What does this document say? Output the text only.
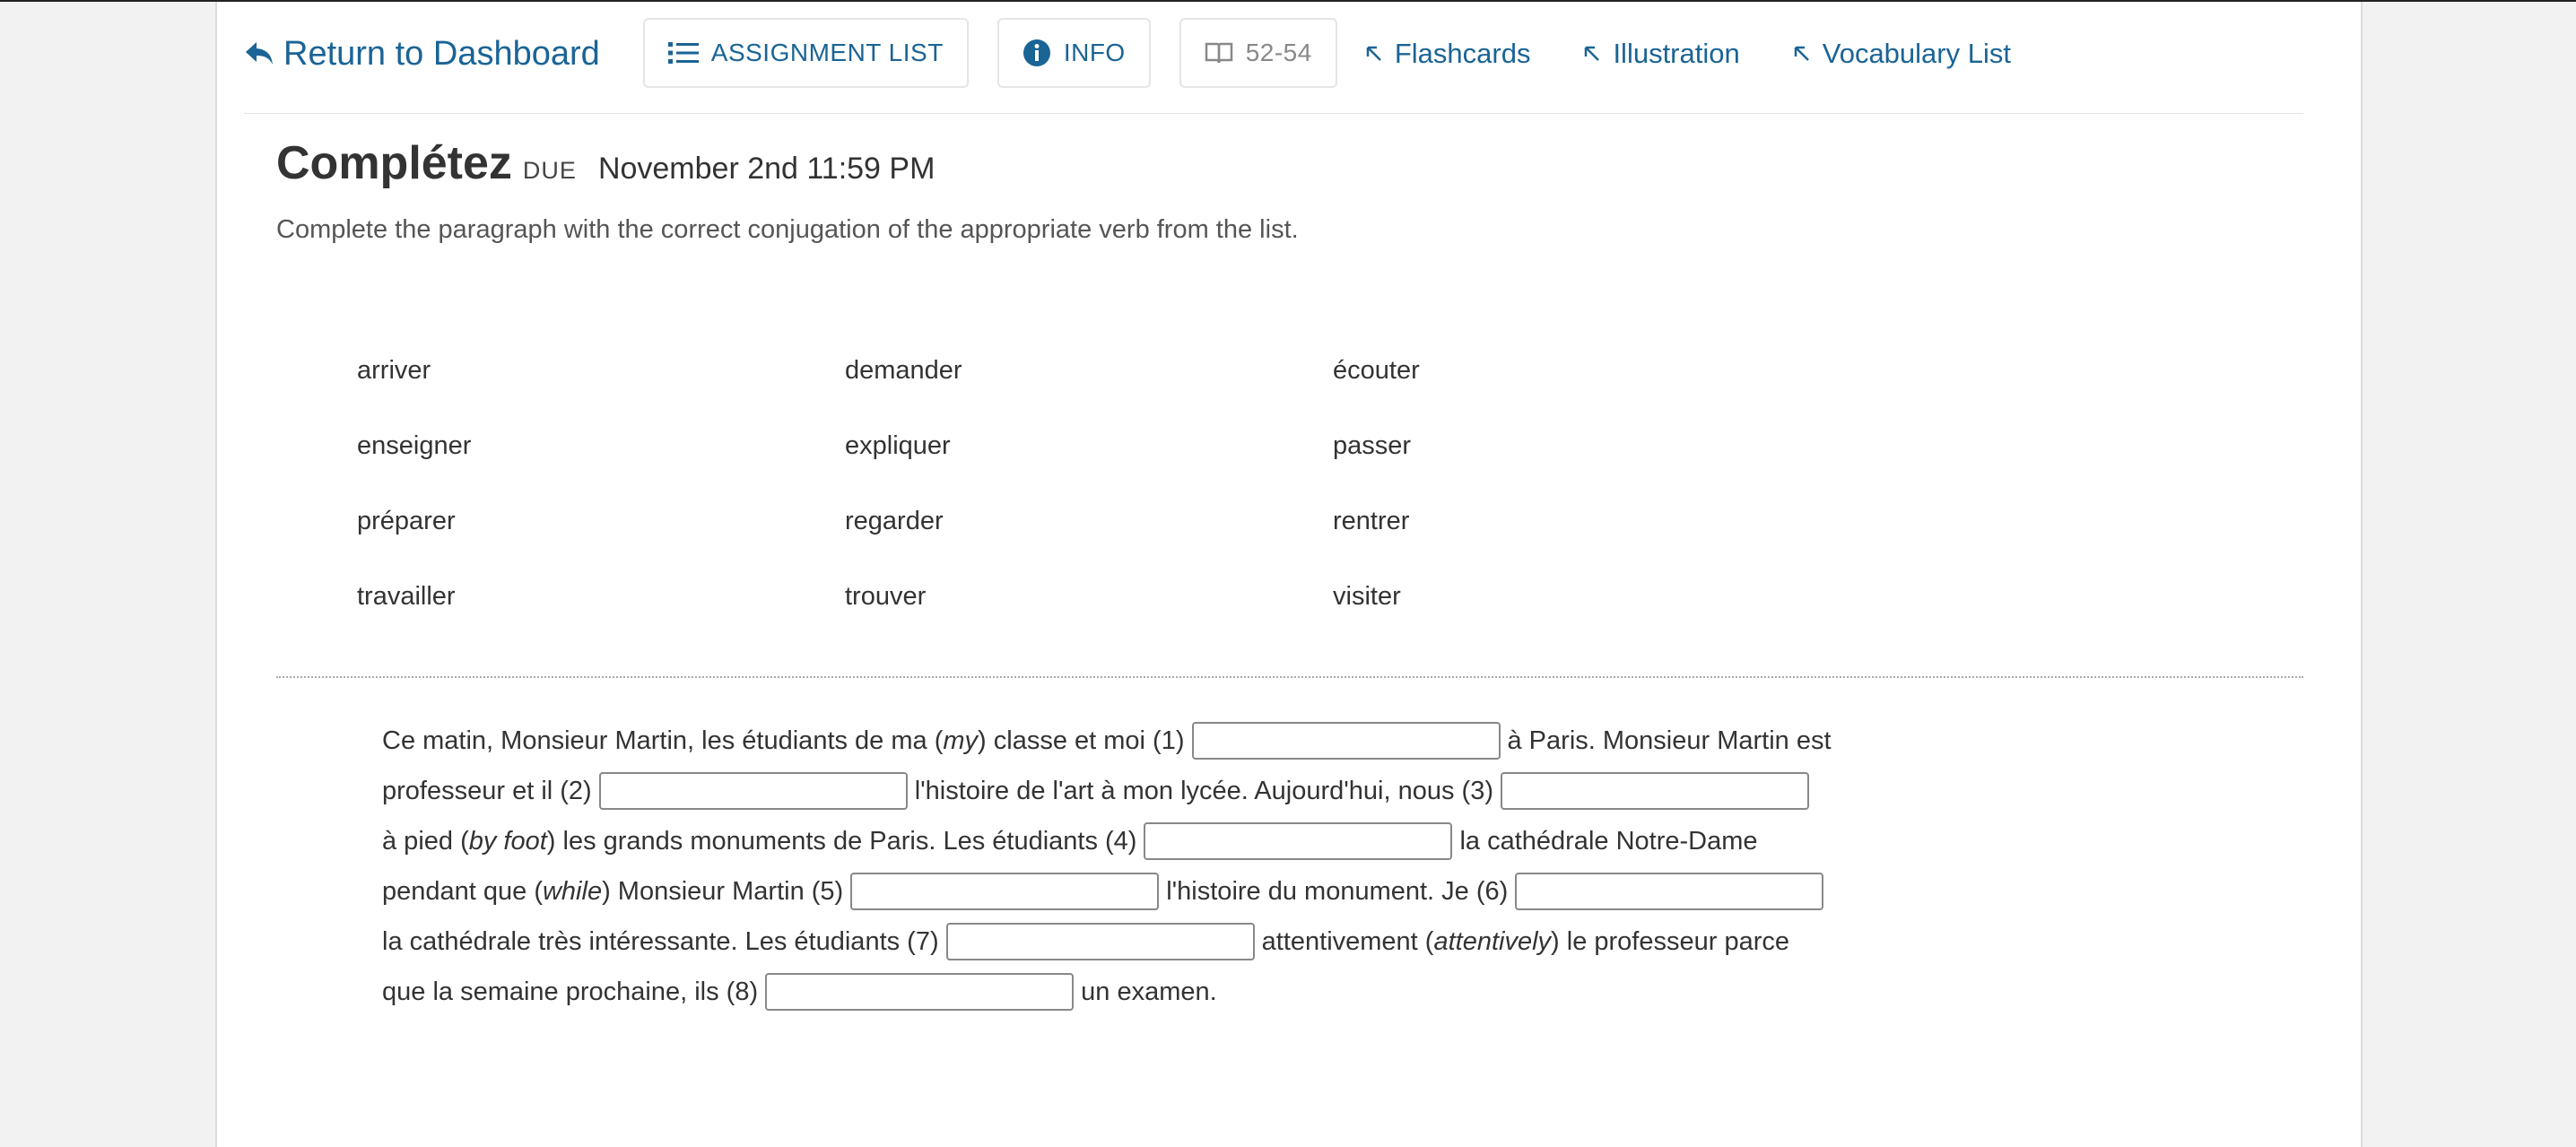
Return to Dashboard	ASSIGNMENT LIST	INFO	52-54	Flashcards	Illustration	Vocabulary List
Complétez DUE November 2nd 11:59 PM
Complete the paragraph with the correct conjugation of the appropriate verb from the list.
arriver	demander	écouter
enseigner	expliquer	passer
préparer	regarder	rentrer
travailler	trouver	visiter
Ce matin, Monsieur Martin, les étudiants de ma ( my ) classe et moi (1)	à Paris. Monsieur Martin est
professeur et il (2)	l'histoire de l'art à mon lycée. Aujourd'hui, nous (3)
à pied ( by foot ) les grands monuments de Paris. Les étudiants (4)	la cathédrale Notre-Dame
pendant que ( while ) Monsieur Martin (5)	l'histoire du monument. Je (6)
la cathédrale très intéressante. Les étudiants (7)	attentivement ( attentively ) le professeur parce
que la semaine prochaine, ils (8)	un examen.
